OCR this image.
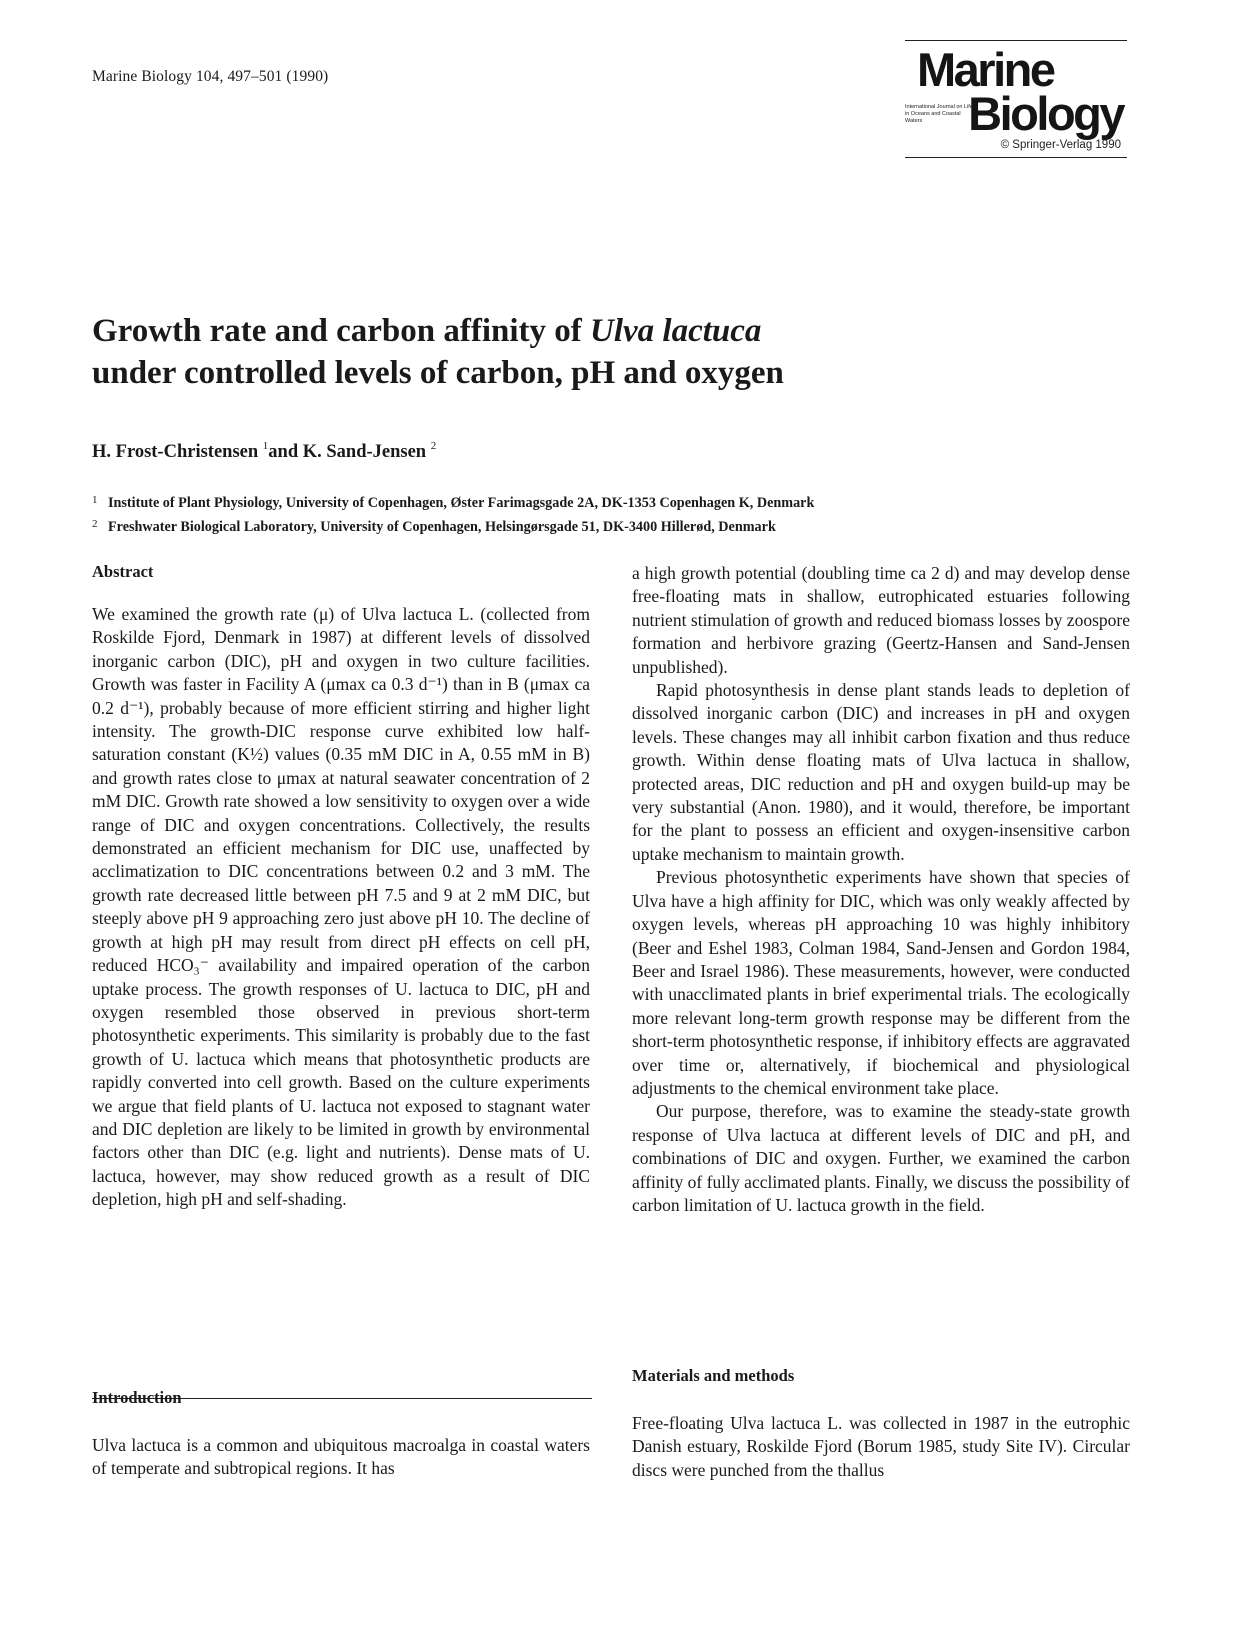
Marine Biology 104, 497–501 (1990)	Marine
International Journal on Life in Oceans and Coastal Waters Biology
© Springer-Verlag 1990
Growth rate and carbon affinity of Ulva lactuca
under controlled levels of carbon, pH and oxygen
H. Frost-Christensen $^1$and K. Sand-Jensen $^2$
1 Institute of Plant Physiology, University of Copenhagen, Øster Farimagsgade 2A, DK-1353 Copenhagen K, Denmark
2 Freshwater Biological Laboratory, University of Copenhagen, Helsingørsgade 51, DK-3400 Hillerød, Denmark
Abstract

We examined the growth rate (μ) of Ulva lactuca L. (collected from Roskilde Fjord, Denmark in 1987) at different levels of dissolved inorganic carbon (DIC), pH and oxygen in two culture facilities. Growth was faster in Facility A (μmax ca 0.3 d⁻¹) than in B (μmax ca 0.2 d⁻¹), probably because of more efficient stirring and higher light intensity. The growth-DIC response curve exhibited low half-saturation constant (K½) values (0.35 mM DIC in A, 0.55 mM in B) and growth rates close to μmax at natural seawater concentration of 2 mM DIC. Growth rate showed a low sensitivity to oxygen over a wide range of DIC and oxygen concentrations. Collectively, the results demonstrated an efficient mechanism for DIC use, unaffected by acclimatization to DIC concentrations between 0.2 and 3 mM. The growth rate decreased little between pH 7.5 and 9 at 2 mM DIC, but steeply above pH 9 approaching zero just above pH 10. The decline of growth at high pH may result from direct pH effects on cell pH, reduced HCO₃⁻ availability and impaired operation of the carbon uptake process. The growth responses of U. lactuca to DIC, pH and oxygen resembled those observed in previous short-term photosynthetic experiments. This similarity is probably due to the fast growth of U. lactuca which means that photosynthetic products are rapidly converted into cell growth. Based on the culture experiments we argue that field plants of U. lactuca not exposed to stagnant water and DIC depletion are likely to be limited in growth by environmental factors other than DIC (e.g. light and nutrients). Dense mats of U. lactuca, however, may show reduced growth as a result of DIC depletion, high pH and self-shading.

Introduction

Ulva lactuca is a common and ubiquitous macroalga in coastal waters of temperate and subtropical regions. It has

a high growth potential (doubling time ca 2 d) and may develop dense free-floating mats in shallow, eutrophicated estuaries following nutrient stimulation of growth and reduced biomass losses by zoospore formation and herbivore grazing (Geertz-Hansen and Sand-Jensen unpublished).

Rapid photosynthesis in dense plant stands leads to depletion of dissolved inorganic carbon (DIC) and increases in pH and oxygen levels. These changes may all inhibit carbon fixation and thus reduce growth. Within dense floating mats of Ulva lactuca in shallow, protected areas, DIC reduction and pH and oxygen build-up may be very substantial (Anon. 1980), and it would, therefore, be important for the plant to possess an efficient and oxygen-insensitive carbon uptake mechanism to maintain growth.

Previous photosynthetic experiments have shown that species of Ulva have a high affinity for DIC, which was only weakly affected by oxygen levels, whereas pH approaching 10 was highly inhibitory (Beer and Eshel 1983, Colman 1984, Sand-Jensen and Gordon 1984, Beer and Israel 1986). These measurements, however, were conducted with unacclimated plants in brief experimental trials. The ecologically more relevant long-term growth response may be different from the short-term photosynthetic response, if inhibitory effects are aggravated over time or, alternatively, if biochemical and physiological adjustments to the chemical environment take place.

Our purpose, therefore, was to examine the steady-state growth response of Ulva lactuca at different levels of DIC and pH, and combinations of DIC and oxygen. Further, we examined the carbon affinity of fully acclimated plants. Finally, we discuss the possibility of carbon limitation of U. lactuca growth in the field.

Materials and methods

Free-floating Ulva lactuca L. was collected in 1987 in the eutrophic Danish estuary, Roskilde Fjord (Borum 1985, study Site IV). Circular discs were punched from the thallus
